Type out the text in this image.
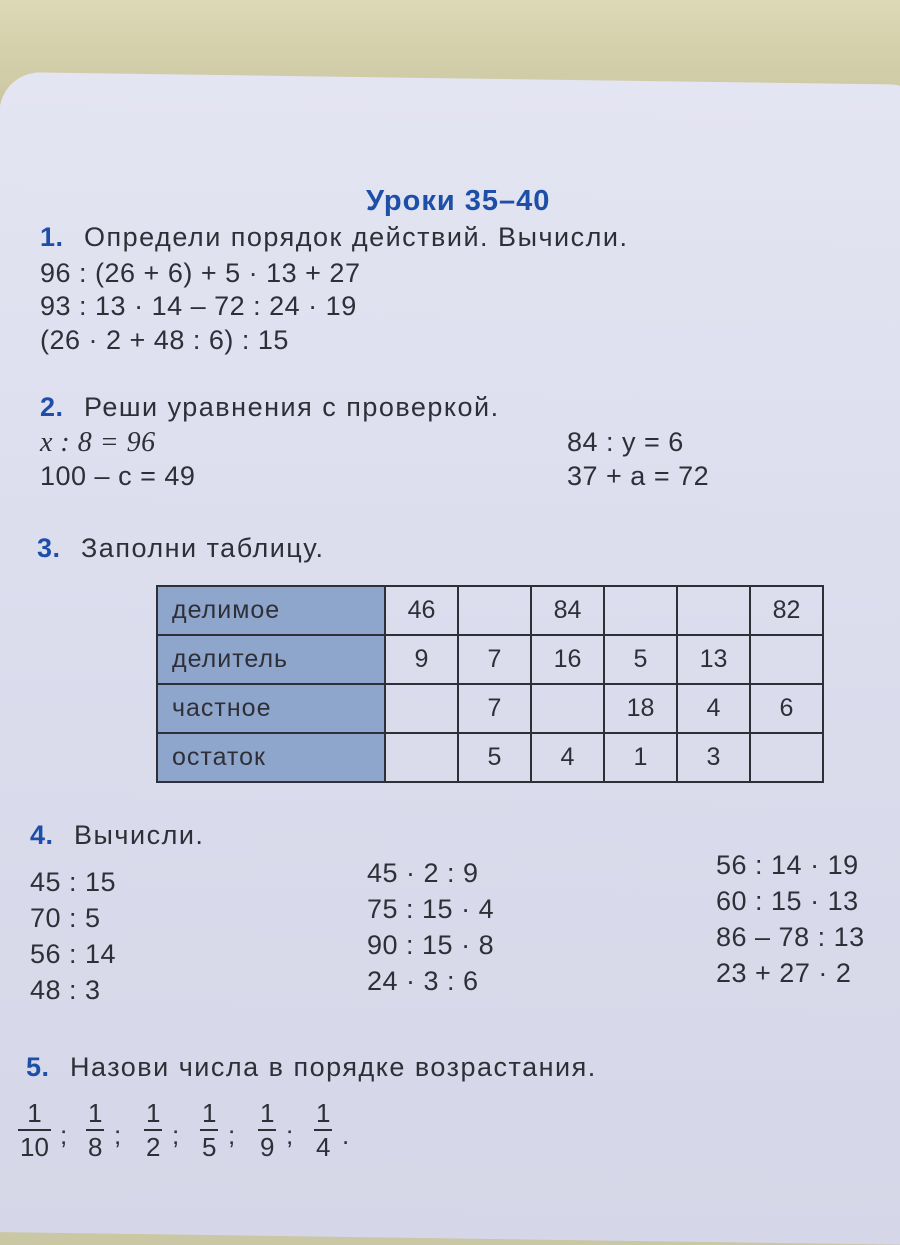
Уроки 35–40
1. Определи порядок действий. Вычисли.
96 : (26 + 6) + 5 · 13 + 27
93 : 13 · 14 – 72 : 24 · 19
(26 · 2 + 48 : 6) : 15
2. Реши уравнения с проверкой.
x : 8 = 96
100 – c = 49
84 : y = 6
37 + a = 72
3. Заполни таблицу.
делимое	46		84			82
делитель	9	7	16	5	13	
частное		7		18	4	6
остаток		5	4	1	3	
4. Вычисли.
45 : 15
70 : 5
56 : 14
48 : 3
45 · 2 : 9
75 : 15 · 4
90 : 15 · 8
24 · 3 : 6
56 : 14 · 19
60 : 15 · 13
86 – 78 : 13
23 + 27 · 2
5. Назови числа в порядке возрастания.
1
10 ;
1
8 ;
1
2 ;
1
5 ;
1
9 ;
1
4 .
